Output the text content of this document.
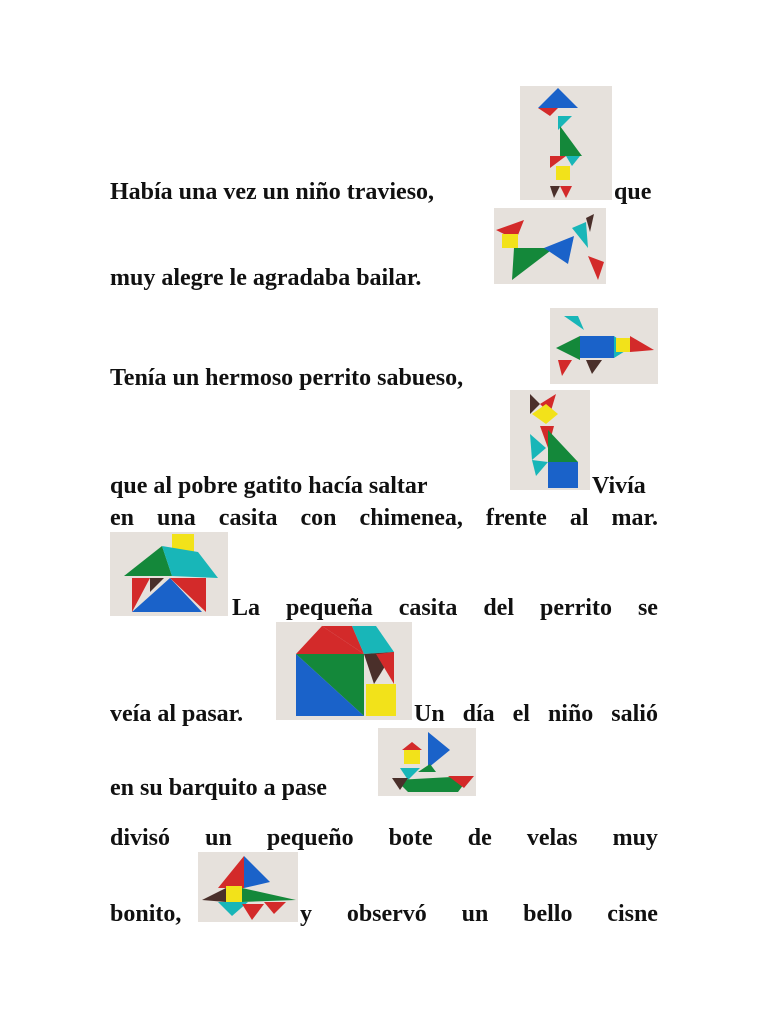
Había una vez un niño travieso,	que
muy alegre le agradaba bailar.
Tenía un hermoso perrito sabueso,
que al pobre gatito hacía saltar	Vivía
en una casita con chimenea, frente al mar.
La pequeña casita del perrito se
veía al pasar.	Un día el niño salió
en su barquito a pase
divisó un pequeño bote de velas muy
bonito,	y observó un bello cisne
